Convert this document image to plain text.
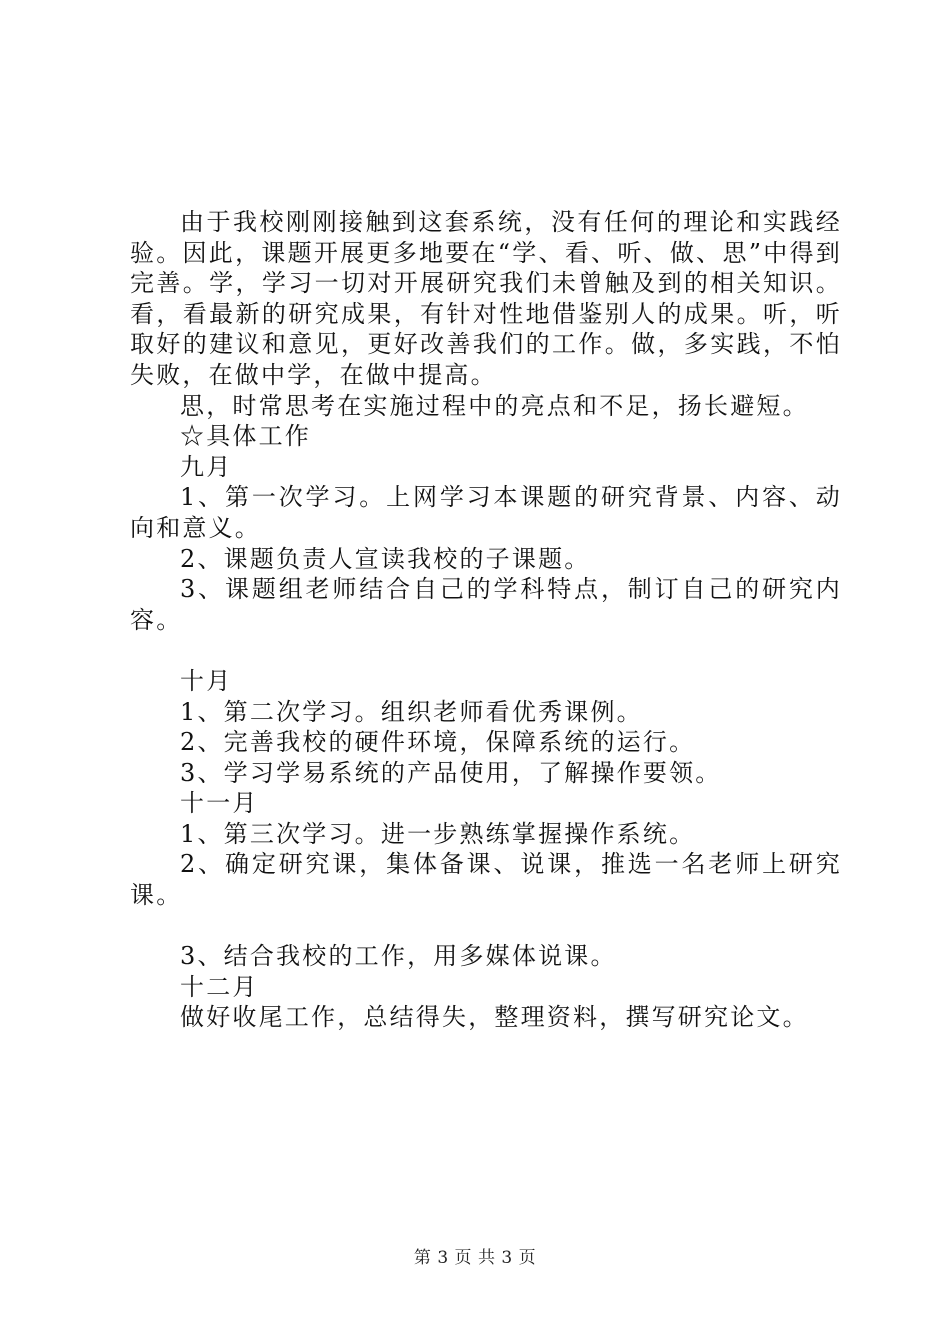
由于我校刚刚接触到这套系统，没有任何的理论和实践经验。因此，课题开展更多地要在“学、看、听、做、思”中得到完善。学，学习一切对开展研究我们未曾触及到的相关知识。看，看最新的研究成果，有针对性地借鉴别人的成果。听，听取好的建议和意见，更好改善我们的工作。做，多实践，不怕失败，在做中学，在做中提高。

思，时常思考在实施过程中的亮点和不足，扬长避短。

☆具体工作

九月

1、第一次学习。上网学习本课题的研究背景、内容、动向和意义。

2、课题负责人宣读我校的子课题。

3、课题组老师结合自己的学科特点，制订自己的研究内容。

十月

1、第二次学习。组织老师看优秀课例。

2、完善我校的硬件环境，保障系统的运行。

3、学习学易系统的产品使用，了解操作要领。

十一月

1、第三次学习。进一步熟练掌握操作系统。

2、确定研究课，集体备课、说课，推选一名老师上研究课。

3、结合我校的工作，用多媒体说课。

十二月

做好收尾工作，总结得失，整理资料，撰写研究论文。

第 3 页 共 3 页
